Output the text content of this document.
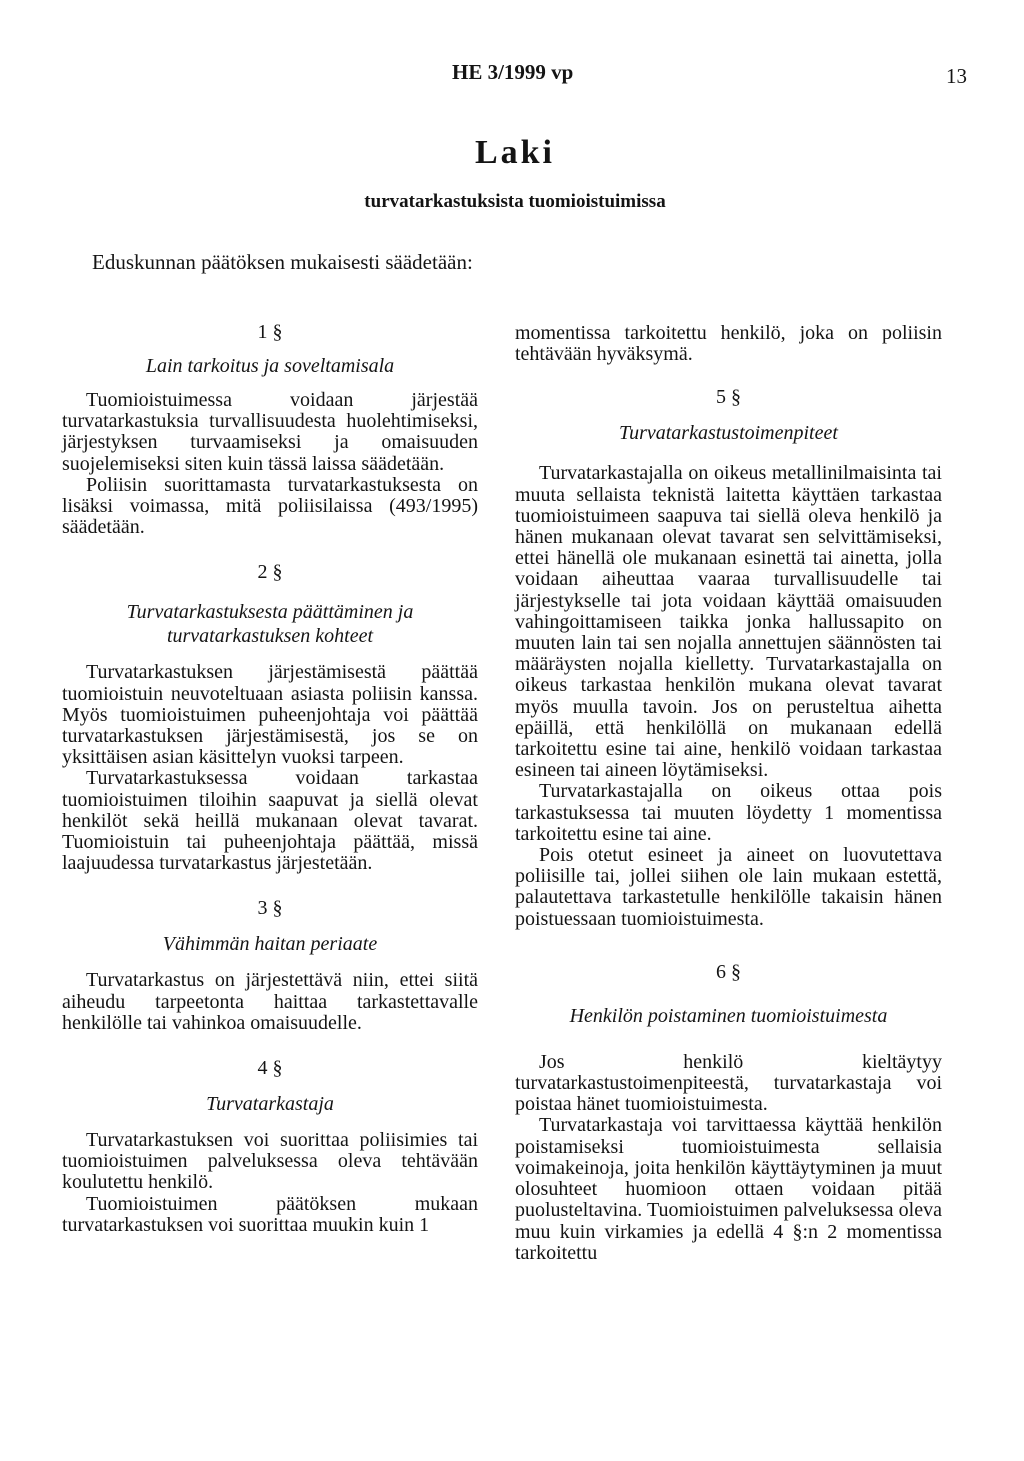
HE 3/1999 vp	13
Laki
turvatarkastuksista tuomioistuimissa
Eduskunnan päätöksen mukaisesti säädetään:

1 §

Lain tarkoitus ja soveltamisala

Tuomioistuimessa voidaan järjestää turvatarkastuksia turvallisuudesta huolehtimiseksi, järjestyksen turvaamiseksi ja omaisuuden suojelemiseksi siten kuin tässä laissa säädetään.

Poliisin suorittamasta turvatarkastuksesta on lisäksi voimassa, mitä poliisilaissa (493/1995) säädetään.

2 §

Turvatarkastuksesta päättäminen ja

turvatarkastuksen kohteet

Turvatarkastuksen järjestämisestä päättää tuomioistuin neuvoteltuaan asiasta poliisin kanssa. Myös tuomioistuimen puheenjohtaja voi päättää turvatarkastuksen järjestämisestä, jos se on yksittäisen asian käsittelyn vuoksi tarpeen.

Turvatarkastuksessa voidaan tarkastaa tuomioistuimen tiloihin saapuvat ja siellä olevat henkilöt sekä heillä mukanaan olevat tavarat. Tuomioistuin tai puheenjohtaja päättää, missä laajuudessa turvatarkastus järjestetään.

3 §

Vähimmän haitan periaate

Turvatarkastus on järjestettävä niin, ettei siitä aiheudu tarpeetonta haittaa tarkastettavalle henkilölle tai vahinkoa omaisuudelle.

4 §

Turvatarkastaja

Turvatarkastuksen voi suorittaa poliisimies tai tuomioistuimen palveluksessa oleva tehtävään koulutettu henkilö.

Tuomioistuimen päätöksen mukaan turvatarkastuksen voi suorittaa muukin kuin 1

momentissa tarkoitettu henkilö, joka on poliisin tehtävään hyväksymä.

5 §

Turvatarkastustoimenpiteet

Turvatarkastajalla on oikeus metallinilmaisinta tai muuta sellaista teknistä laitetta käyttäen tarkastaa tuomioistuimeen saapuva tai siellä oleva henkilö ja hänen mukanaan olevat tavarat sen selvittämiseksi, ettei hänellä ole mukanaan esinettä tai ainetta, jolla voidaan aiheuttaa vaaraa turvallisuudelle tai järjestykselle tai jota voidaan käyttää omaisuuden vahingoittamiseen taikka jonka hallussapito on muuten lain tai sen nojalla annettujen säännösten tai määräysten nojalla kielletty. Turvatarkastajalla on oikeus tarkastaa henkilön mukana olevat tavarat myös muulla tavoin. Jos on perusteltua aihetta epäillä, että henkilöllä on mukanaan edellä tarkoitettu esine tai aine, henkilö voidaan tarkastaa esineen tai aineen löytämiseksi.

Turvatarkastajalla on oikeus ottaa pois tarkastuksessa tai muuten löydetty 1 momentissa tarkoitettu esine tai aine.

Pois otetut esineet ja aineet on luovutettava poliisille tai, jollei siihen ole lain mukaan estettä, palautettava tarkastetulle henkilölle takaisin hänen poistuessaan tuomioistuimesta.

6 §

Henkilön poistaminen tuomioistuimesta

Jos henkilö kieltäytyy turvatarkastustoimenpiteestä, turvatarkastaja voi poistaa hänet tuomioistuimesta.

Turvatarkastaja voi tarvittaessa käyttää henkilön poistamiseksi tuomioistuimesta sellaisia voimakeinoja, joita henkilön käyttäytyminen ja muut olosuhteet huomioon ottaen voidaan pitää puolusteltavina. Tuomioistuimen palveluksessa oleva muu kuin virkamies ja edellä 4 §:n 2 momentissa tarkoitettu
